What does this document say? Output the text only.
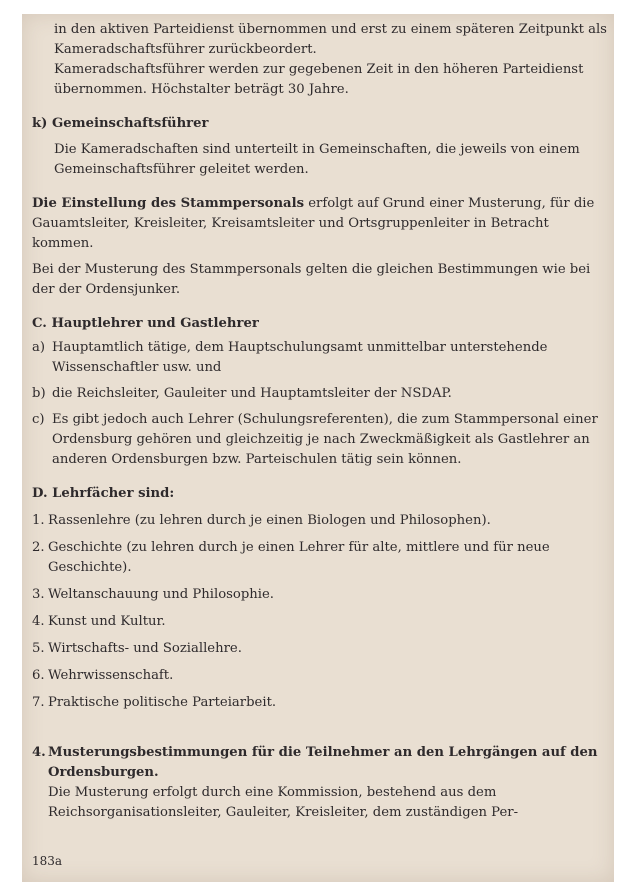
in den aktiven Parteidienst übernommen und erst zu einem späteren Zeitpunkt als Kameradschaftsführer zurückbeordert.

Kameradschaftsführer werden zur gegebenen Zeit in den höheren Parteidienst übernommen. Höchstalter beträgt 30 Jahre.

k) Gemeinschaftsführer

Die Kameradschaften sind unterteilt in Gemeinschaften, die jeweils von einem Gemeinschaftsführer geleitet werden.

Die Einstellung des Stammpersonals erfolgt auf Grund einer Musterung, für die Gauamtsleiter, Kreisleiter, Kreisamtsleiter und Ortsgruppenleiter in Betracht kommen.

Bei der Musterung des Stammpersonals gelten die gleichen Bestimmungen wie bei der der Ordensjunker.

C. Hauptlehrer und Gastlehrer

a) Hauptamtlich tätige, dem Hauptschulungsamt unmittelbar unterstehende Wissenschaftler usw. und
b) die Reichsleiter, Gauleiter und Hauptamtsleiter der NSDAP.
c) Es gibt jedoch auch Lehrer (Schulungsreferenten), die zum Stammpersonal einer Ordensburg gehören und gleichzeitig je nach Zweckmäßigkeit als Gastlehrer an anderen Ordensburgen bzw. Parteischulen tätig sein können.

D. Lehrfächer sind:

1. Rassenlehre (zu lehren durch je einen Biologen und Philosophen).
2. Geschichte (zu lehren durch je einen Lehrer für alte, mittlere und für neue Geschichte).
3. Weltanschauung und Philosophie.
4. Kunst und Kultur.
5. Wirtschafts- und Soziallehre.
6. Wehrwissenschaft.
7. Praktische politische Parteiarbeit.
4. Musterungsbestimmungen für die Teilnehmer an den Lehrgängen auf den Ordensburgen.

Die Musterung erfolgt durch eine Kommission, bestehend aus dem Reichsorganisationsleiter, Gauleiter, Kreisleiter, dem zuständigen Per-

183a
